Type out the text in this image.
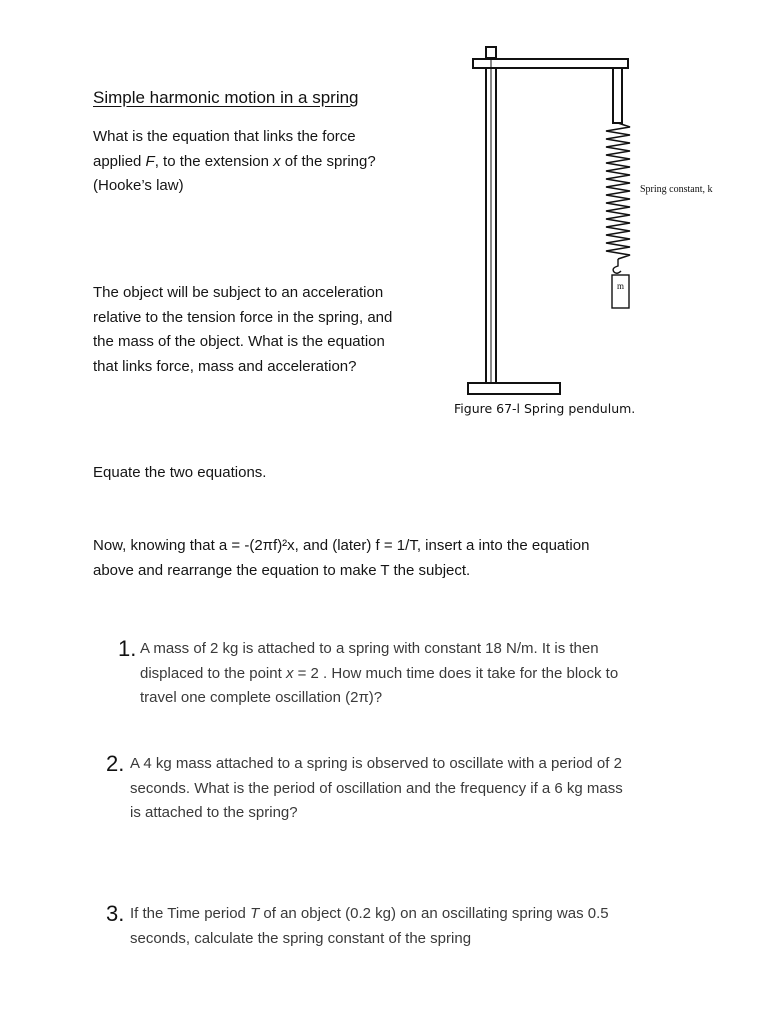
Simple harmonic motion in a spring
What is the equation that links the force
applied F, to the extension x of the spring?
(Hooke’s law)
The object will be subject to an acceleration
relative to the tension force in the spring, and
the mass of the object. What is the equation
that links force, mass and acceleration?
Equate the two equations.
Now, knowing that a = -(2πf)²x, and (later) f = 1/T, insert a into the equation
above and rearrange the equation to make T the subject.
m
Spring constant, k
Figure 67-l Spring pendulum.
1. A mass of 2 kg is attached to a spring with constant 18 N/m. It is then
displaced to the point x = 2 . How much time does it take for the block to
travel one complete oscillation (2π)?
2. A 4 kg mass attached to a spring is observed to oscillate with a period of 2
seconds. What is the period of oscillation and the frequency if a 6 kg mass
is attached to the spring?
3. If the Time period T of an object (0.2 kg) on an oscillating spring was 0.5
seconds, calculate the spring constant of the spring
